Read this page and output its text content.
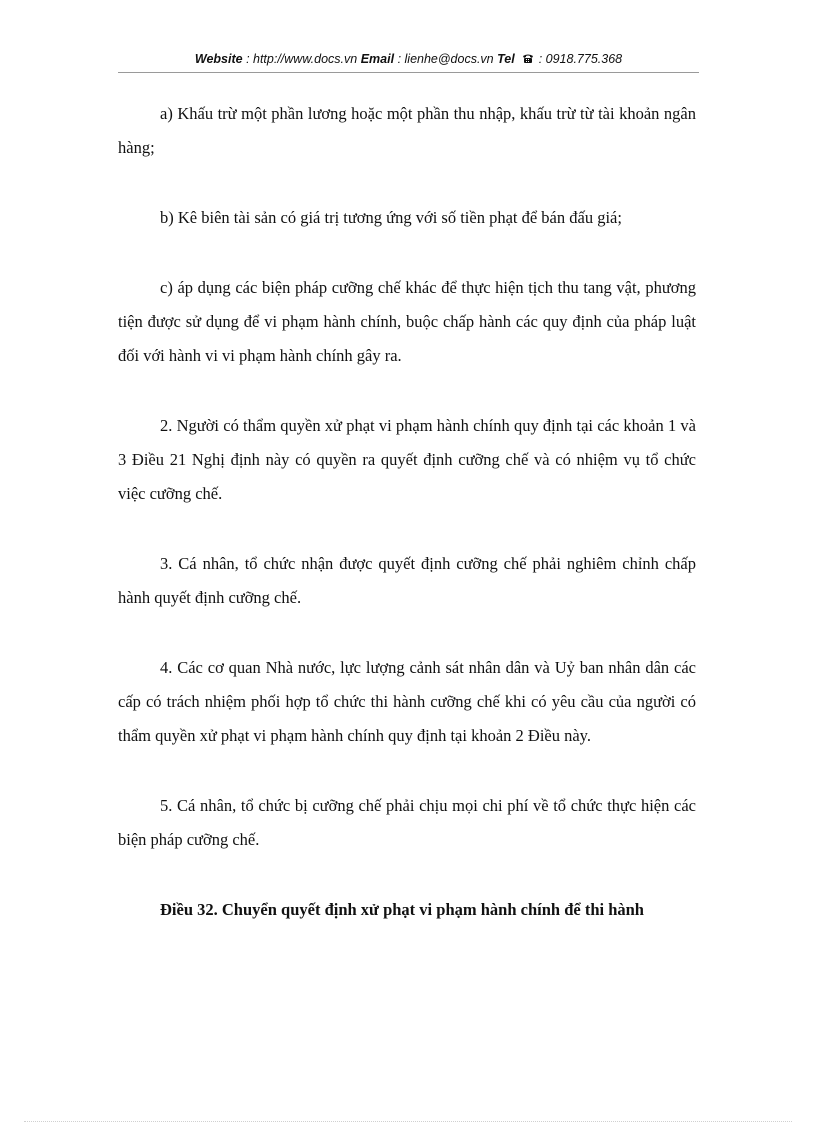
Website : http://www.docs.vn Email : lienhe@docs.vn Tel : 0918.775.368

a) Khấu trừ một phần lương hoặc một phần thu nhập, khấu trừ từ tài khoản ngân hàng;

b) Kê biên tài sản có giá trị tương ứng với số tiền phạt để bán đấu giá;

c) áp dụng các biện pháp cưỡng chế khác để thực hiện tịch thu tang vật, phương tiện được sử dụng để vi phạm hành chính, buộc chấp hành các quy định của pháp luật đối với hành vi vi phạm hành chính gây ra.

2. Người có thẩm quyền xử phạt vi phạm hành chính quy định tại các khoản 1 và 3 Điều 21 Nghị định này có quyền ra quyết định cưỡng chế và có nhiệm vụ tổ chức việc cưỡng chế.

3. Cá nhân, tổ chức nhận được quyết định cưỡng chế phải nghiêm chỉnh chấp hành quyết định cưỡng chế.

4. Các cơ quan Nhà nước, lực lượng cảnh sát nhân dân và Uỷ ban nhân dân các cấp có trách nhiệm phối hợp tổ chức thi hành cưỡng chế khi có yêu cầu của người có thẩm quyền xử phạt vi phạm hành chính quy định tại khoản 2 Điều này.

5. Cá nhân, tổ chức bị cưỡng chế phải chịu mọi chi phí về tổ chức thực hiện các biện pháp cưỡng chế.

Điều 32. Chuyển quyết định xử phạt vi phạm hành chính để thi hành
